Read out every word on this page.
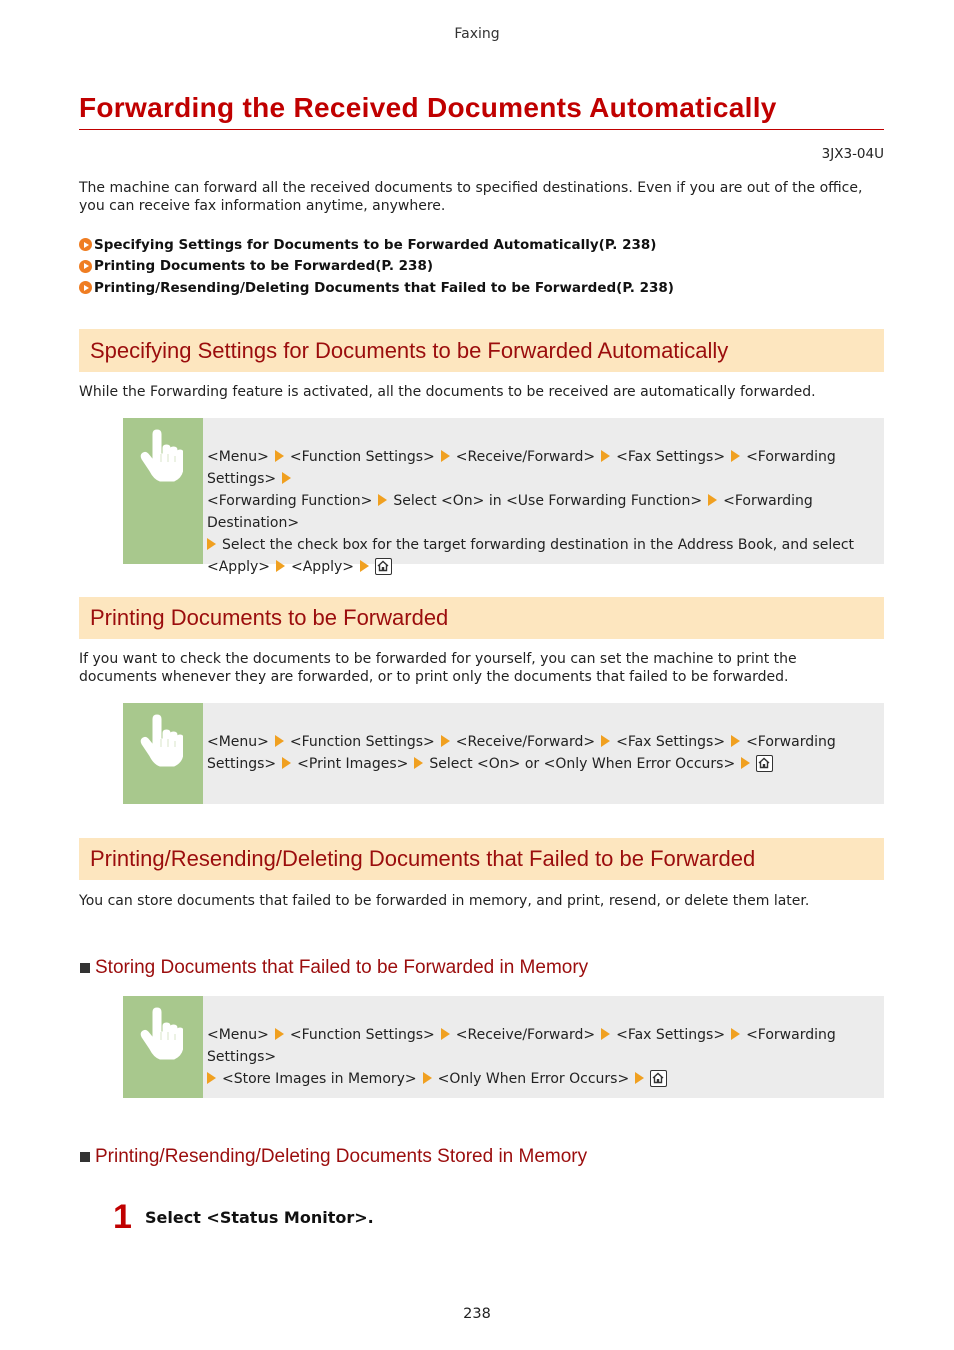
Faxing
Forwarding the Received Documents Automatically
3JX3-04U
The machine can forward all the received documents to specified destinations. Even if you are out of the office, you can receive fax information anytime, anywhere.
Specifying Settings for Documents to be Forwarded Automatically(P. 238)
Printing Documents to be Forwarded(P. 238)
Printing/Resending/Deleting Documents that Failed to be Forwarded(P. 238)
Specifying Settings for Documents to be Forwarded Automatically
While the Forwarding feature is activated, all the documents to be received are automatically forwarded.
<Menu> <Function Settings> <Receive/Forward> <Fax Settings> <Forwarding Settings>
<Forwarding Function> Select <On> in <Use Forwarding Function> <Forwarding Destination>
Select the check box for the target forwarding destination in the Address Book, and select
<Apply> <Apply>
Printing Documents to be Forwarded
If you want to check the documents to be forwarded for yourself, you can set the machine to print the documents whenever they are forwarded, or to print only the documents that failed to be forwarded.
<Menu> <Function Settings> <Receive/Forward> <Fax Settings> <Forwarding
Settings> <Print Images> Select <On> or <Only When Error Occurs>
Printing/Resending/Deleting Documents that Failed to be Forwarded
You can store documents that failed to be forwarded in memory, and print, resend, or delete them later.
Storing Documents that Failed to be Forwarded in Memory
<Menu> <Function Settings> <Receive/Forward> <Fax Settings> <Forwarding Settings>
<Store Images in Memory> <Only When Error Occurs>
Printing/Resending/Deleting Documents Stored in Memory
1 Select <Status Monitor>.
238
